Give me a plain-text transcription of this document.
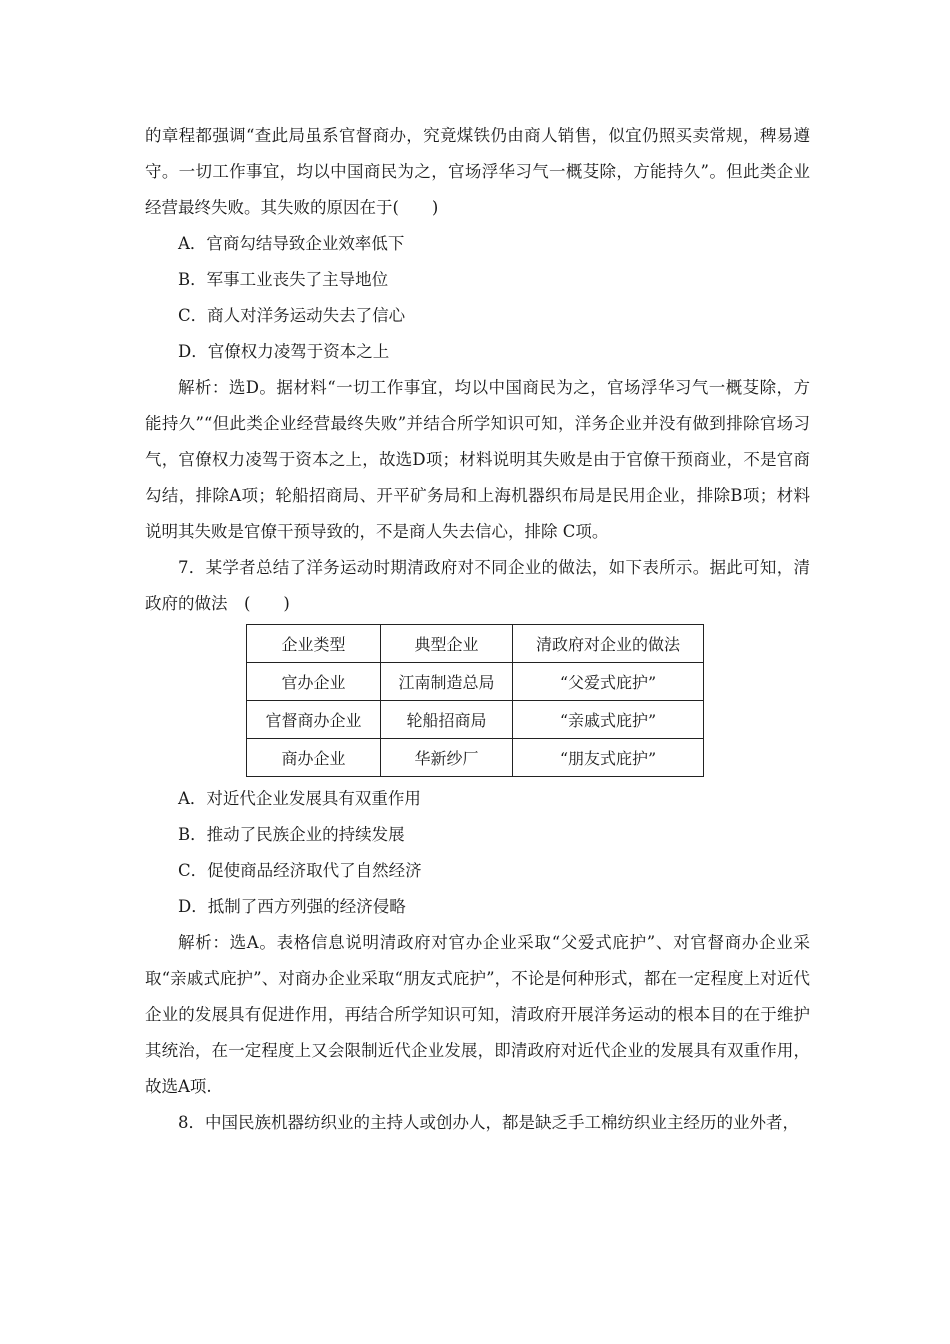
的章程都强调“查此局虽系官督商办，究竟煤铁仍由商人销售，似宜仍照买卖常规，稗易遵守。一切工作事宜，均以中国商民为之，官场浮华习气一概芟除，方能持久”。但此类企业经营最终失败。其失败的原因在于(　　)

A．官商勾结导致企业效率低下

B．军事工业丧失了主导地位

C．商人对洋务运动失去了信心

D．官僚权力凌驾于资本之上

解析：选D。据材料“一切工作事宜，均以中国商民为之，官场浮华习气一概芟除，方能持久”“但此类企业经营最终失败”并结合所学知识可知，洋务企业并没有做到排除官场习气，官僚权力凌驾于资本之上，故选D项；材料说明其失败是由于官僚干预商业，不是官商勾结，排除A项；轮船招商局、开平矿务局和上海机器织布局是民用企业，排除B项；材料说明其失败是官僚干预导致的，不是商人失去信心，排除 C项。

7．某学者总结了洋务运动时期清政府对不同企业的做法，如下表所示。据此可知，清政府的做法　(　　)

企业类型	典型企业	清政府对企业的做法
官办企业	江南制造总局	“父爱式庇护”
官督商办企业	轮船招商局	“亲戚式庇护”
商办企业	华新纱厂	“朋友式庇护”

A．对近代企业发展具有双重作用

B．推动了民族企业的持续发展

C．促使商品经济取代了自然经济

D．抵制了西方列强的经济侵略

解析：选A。表格信息说明清政府对官办企业采取“父爱式庇护”、对官督商办企业采取“亲戚式庇护”、对商办企业采取“朋友式庇护”，不论是何种形式，都在一定程度上对近代企业的发展具有促进作用，再结合所学知识可知，清政府开展洋务运动的根本目的在于维护其统治，在一定程度上又会限制近代企业发展，即清政府对近代企业的发展具有双重作用，故选A项.

8．中国民族机器纺织业的主持人或创办人，都是缺乏手工棉纺织业主经历的业外者，
